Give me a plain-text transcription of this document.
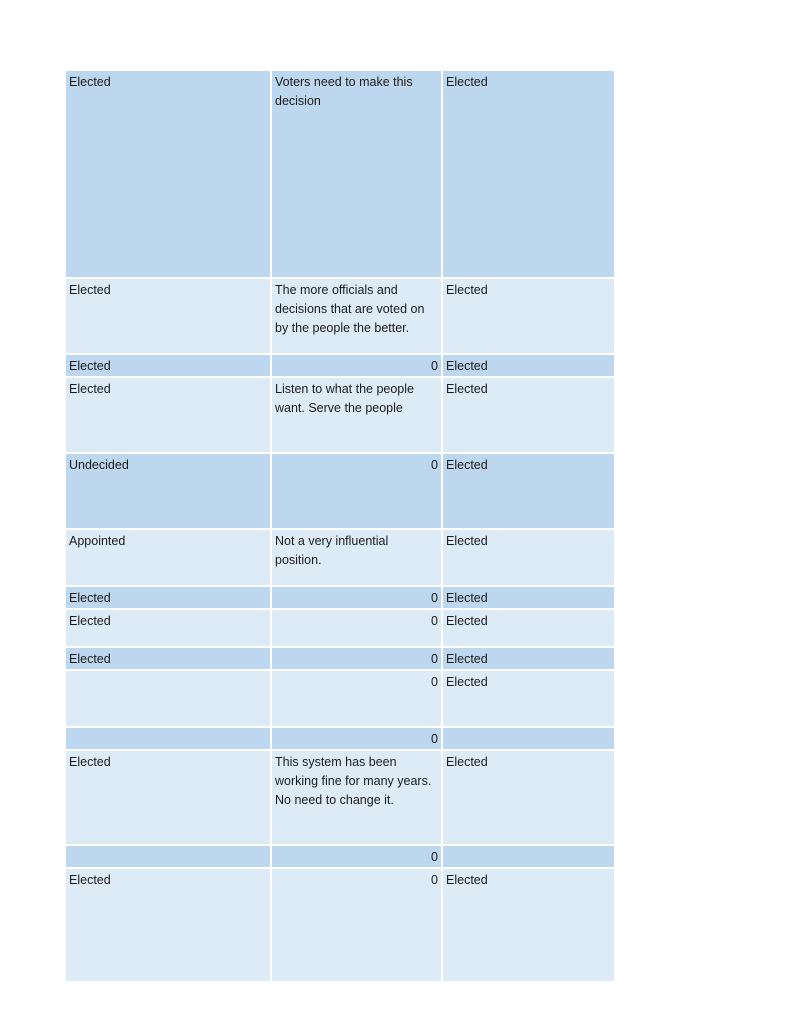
Elected	Voters need to make this decision	Elected
Elected	The more officials and decisions that are voted on by the people the better.	Elected
Elected	0	Elected
Elected	Listen to what the people want. Serve the people	Elected
Undecided	0	Elected
Appointed	Not a very influential position.	Elected
Elected	0	Elected
Elected	0	Elected
Elected	0	Elected
	0	Elected
	0	
Elected	This system has been working fine for many years. No need to change it.	Elected
	0	
Elected	0	Elected
